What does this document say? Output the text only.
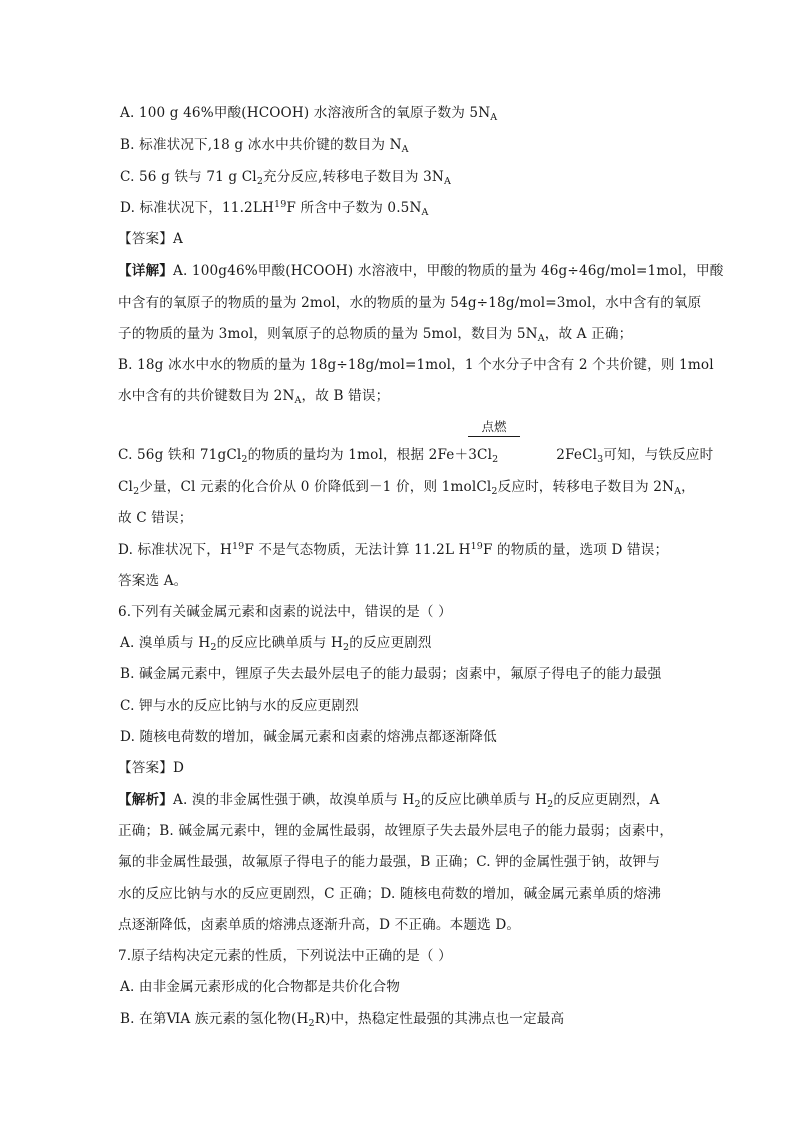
A. 100 g 46%甲酸(HCOOH) 水溶液所含的氧原子数为 $5N_A$
B. 标准状况下,18 g 冰水中共价键的数目为 $N_A$
C. 56 g 铁与 71 g $Cl_2$充分反应,转移电子数目为 $3N_A$
D. 标准状况下，11.2LH$^{19}$F 所含中子数为 $0.5N_A$
【答案】A
【详解】A. 100g46%甲酸(HCOOH) 水溶液中，甲酸的物质的量为 46g÷46g/mol=1mol，甲酸
中含有的氧原子的物质的量为 2mol，水的物质的量为 54g÷18g/mol=3mol，水中含有的氧原
子的物质的量为 3mol，则氧原子的总物质的量为 5mol，数目为 $5N_A$，故 A 正确；
B. 18g 冰水中水的物质的量为 18g÷18g/mol=1mol，1 个水分子中含有 2 个共价键，则 1mol
水中含有的共价键数目为 $2N_A$，故 B 错误；
点燃
C. 56g 铁和 71gCl$_2$的物质的量均为 1mol，根据 $2Fe+3Cl_2$	2FeCl$_3$可知，与铁反应时
$Cl_2$少量，Cl 元素的化合价从 0 价降低到－1 价，则 1molCl$_2$反应时，转移电子数目为 $2N_A$，
故 C 错误；
D. 标准状况下，$H^{19}F$ 不是气态物质，无法计算 11.2L $H^{19}F$ 的物质的量，选项 D 错误；
答案选 A。
6.下列有关碱金属元素和卤素的说法中，错误的是（ ）
A. 溴单质与 $H_2$的反应比碘单质与 $H_2$的反应更剧烈
B. 碱金属元素中，锂原子失去最外层电子的能力最弱；卤素中，氟原子得电子的能力最强
C. 钾与水的反应比钠与水的反应更剧烈
D. 随核电荷数的增加，碱金属元素和卤素的熔沸点都逐渐降低
【答案】D
【解析】A. 溴的非金属性强于碘，故溴单质与 $H_2$的反应比碘单质与 $H_2$的反应更剧烈，A
正确；B. 碱金属元素中，锂的金属性最弱，故锂原子失去最外层电子的能力最弱；卤素中，
氟的非金属性最强，故氟原子得电子的能力最强，B 正确；C. 钾的金属性强于钠，故钾与
水的反应比钠与水的反应更剧烈，C 正确；D. 随核电荷数的增加，碱金属元素单质的熔沸
点逐渐降低，卤素单质的熔沸点逐渐升高，D 不正确。本题选 D。
7.原子结构决定元素的性质，下列说法中正确的是（ ）
A. 由非金属元素形成的化合物都是共价化合物
B. 在第ⅥA 族元素的氢化物$(H_2R)$中，热稳定性最强的其沸点也一定最高
